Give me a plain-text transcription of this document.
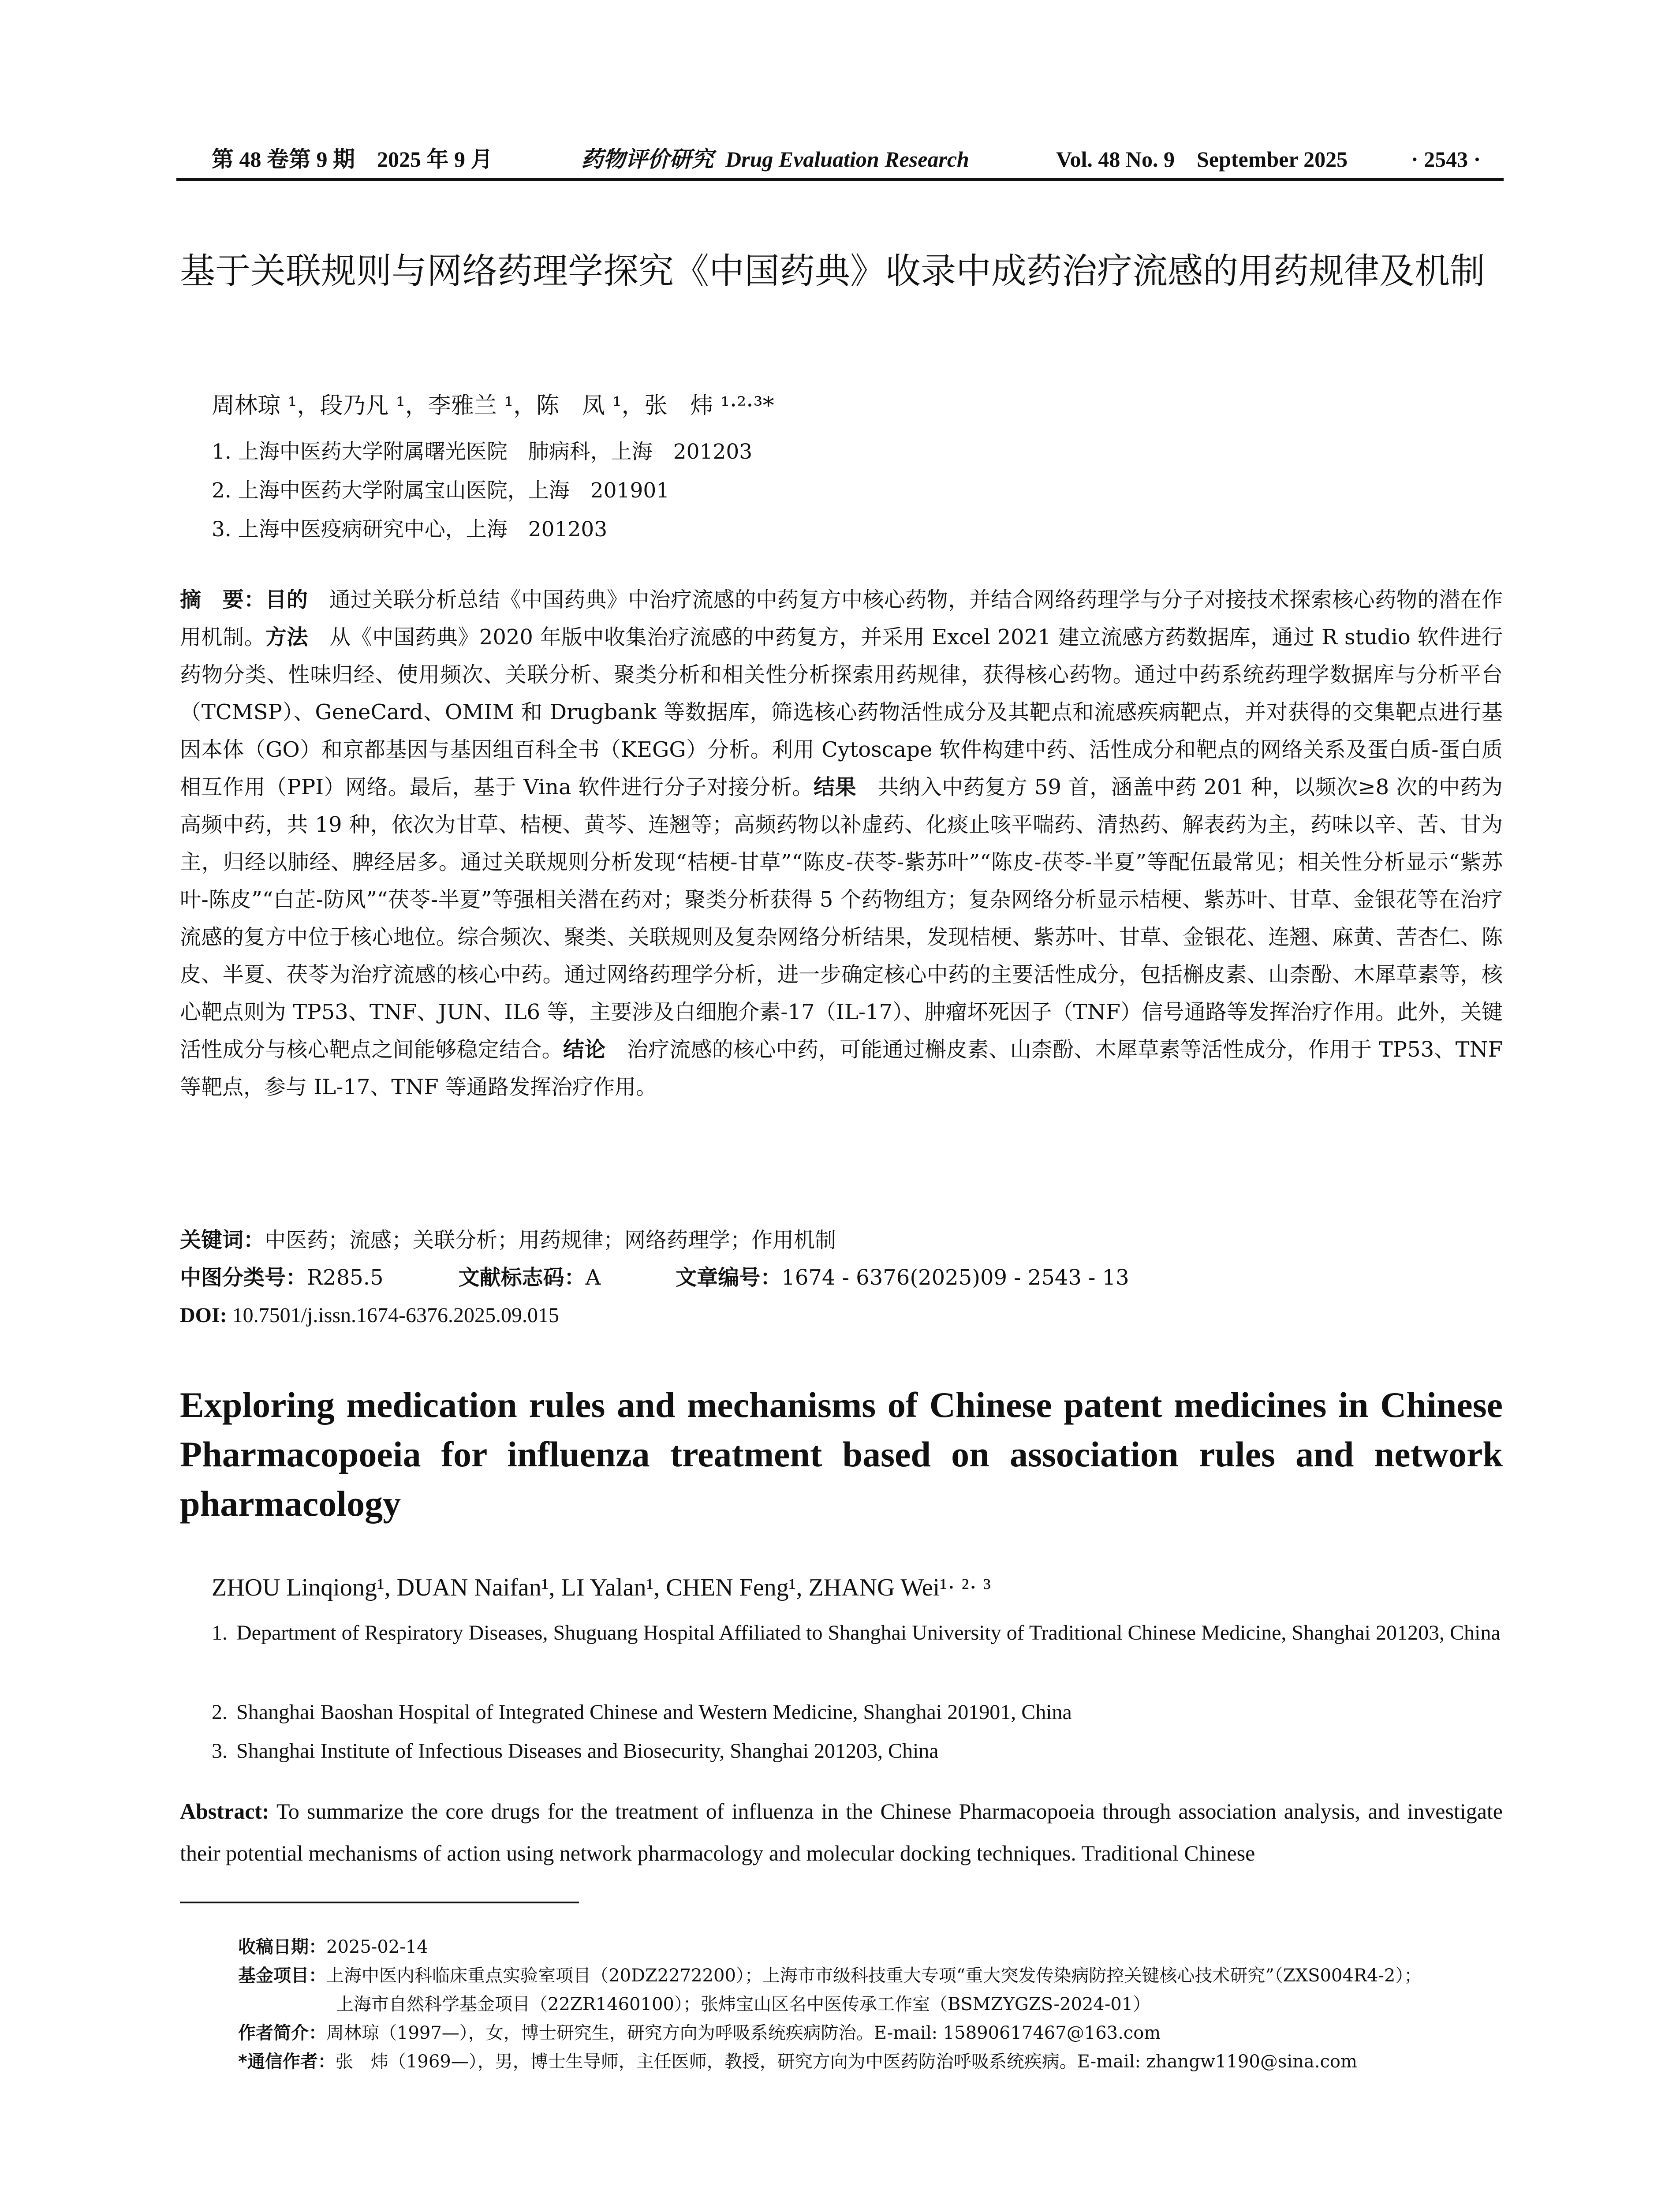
第 48 卷第 9 期　2025 年 9 月	药物评价研究 Drug Evaluation Research	Vol. 48 No. 9　September 2025	· 2543 ·
基于关联规则与网络药理学探究《中国药典》收录中成药治疗流感的用药规律及机制
周林琼 ¹，段乃凡 ¹，李雅兰 ¹，陈　凤 ¹，张　炜 ¹·²·³*
1. 上海中医药大学附属曙光医院　肺病科，上海　201203
2. 上海中医药大学附属宝山医院，上海　201901
3. 上海中医疫病研究中心，上海　201203
摘　要：目的　通过关联分析总结《中国药典》中治疗流感的中药复方中核心药物，并结合网络药理学与分子对接技术探索核心药物的潜在作用机制。方法　从《中国药典》2020 年版中收集治疗流感的中药复方，并采用 Excel 2021 建立流感方药数据库，通过 R studio 软件进行药物分类、性味归经、使用频次、关联分析、聚类分析和相关性分析探索用药规律，获得核心药物。通过中药系统药理学数据库与分析平台（TCMSP）、GeneCard、OMIM 和 Drugbank 等数据库，筛选核心药物活性成分及其靶点和流感疾病靶点，并对获得的交集靶点进行基因本体（GO）和京都基因与基因组百科全书（KEGG）分析。利用 Cytoscape 软件构建中药、活性成分和靶点的网络关系及蛋白质-蛋白质相互作用（PPI）网络。最后，基于 Vina 软件进行分子对接分析。结果　共纳入中药复方 59 首，涵盖中药 201 种，以频次≥8 次的中药为高频中药，共 19 种，依次为甘草、桔梗、黄芩、连翘等；高频药物以补虚药、化痰止咳平喘药、清热药、解表药为主，药味以辛、苦、甘为主，归经以肺经、脾经居多。通过关联规则分析发现“桔梗-甘草”“陈皮-茯苓-紫苏叶”“陈皮-茯苓-半夏”等配伍最常见；相关性分析显示“紫苏叶-陈皮”“白芷-防风”“茯苓-半夏”等强相关潜在药对；聚类分析获得 5 个药物组方；复杂网络分析显示桔梗、紫苏叶、甘草、金银花等在治疗流感的复方中位于核心地位。综合频次、聚类、关联规则及复杂网络分析结果，发现桔梗、紫苏叶、甘草、金银花、连翘、麻黄、苦杏仁、陈皮、半夏、茯苓为治疗流感的核心中药。通过网络药理学分析，进一步确定核心中药的主要活性成分，包括槲皮素、山柰酚、木犀草素等，核心靶点则为 TP53、TNF、JUN、IL6 等，主要涉及白细胞介素-17（IL-17）、肿瘤坏死因子（TNF）信号通路等发挥治疗作用。此外，关键活性成分与核心靶点之间能够稳定结合。结论　治疗流感的核心中药，可能通过槲皮素、山柰酚、木犀草素等活性成分，作用于 TP53、TNF 等靶点，参与 IL-17、TNF 等通路发挥治疗作用。
关键词：中医药；流感；关联分析；用药规律；网络药理学；作用机制
中图分类号：R285.5	文献标志码：A	文章编号：1674 - 6376(2025)09 - 2543 - 13
DOI: 10.7501/j.issn.1674-6376.2025.09.015
Exploring medication rules and mechanisms of Chinese patent medicines in Chinese Pharmacopoeia for influenza treatment based on association rules and network pharmacology
ZHOU Linqiong¹, DUAN Naifan¹, LI Yalan¹, CHEN Feng¹, ZHANG Wei¹· ²· ³
1. Department of Respiratory Diseases, Shuguang Hospital Affiliated to Shanghai University of Traditional Chinese Medicine, Shanghai 201203, China
2. Shanghai Baoshan Hospital of Integrated Chinese and Western Medicine, Shanghai 201901, China
3. Shanghai Institute of Infectious Diseases and Biosecurity, Shanghai 201203, China
Abstract: To summarize the core drugs for the treatment of influenza in the Chinese Pharmacopoeia through association analysis, and investigate their potential mechanisms of action using network pharmacology and molecular docking techniques. Traditional Chinese
收稿日期：2025-02-14
基金项目：上海中医内科临床重点实验室项目（20DZ2272200）；上海市市级科技重大专项“重大突发传染病防控关键核心技术研究”（ZXS004R4-2）；
上海市自然科学基金项目（22ZR1460100）；张炜宝山区名中医传承工作室（BSMZYGZS-2024-01）
作者简介：周林琼（1997—），女，博士研究生，研究方向为呼吸系统疾病防治。E-mail: 15890617467@163.com
*通信作者：张　炜（1969—），男，博士生导师，主任医师，教授，研究方向为中医药防治呼吸系统疾病。E-mail: zhangw1190@sina.com
